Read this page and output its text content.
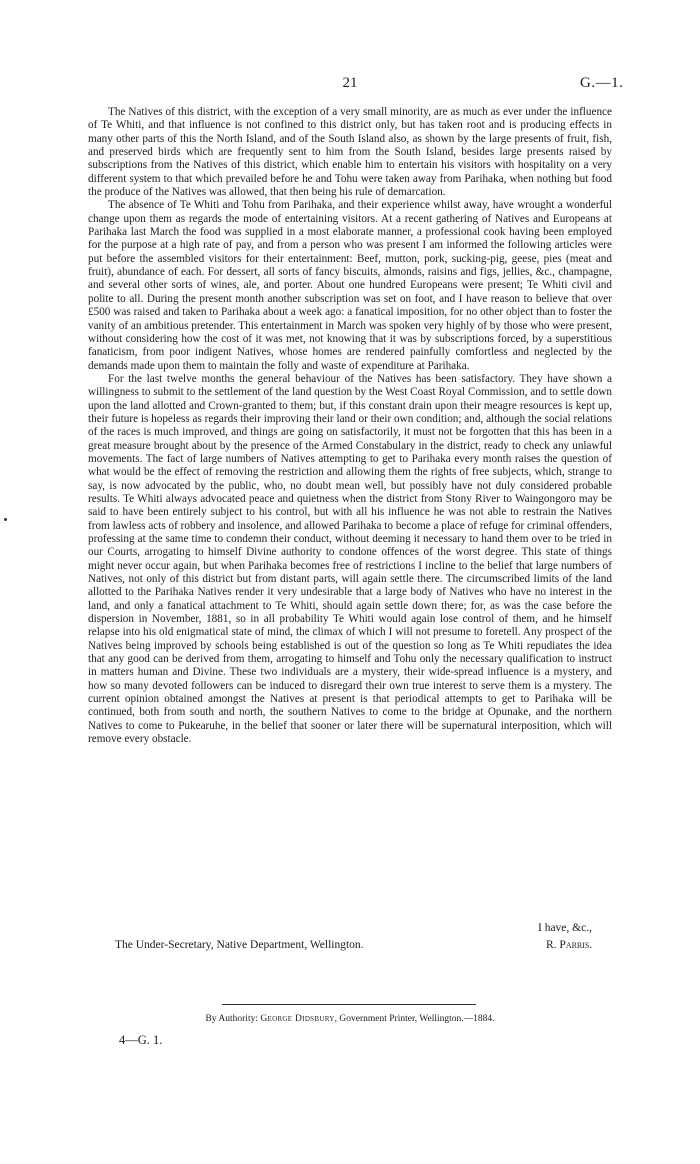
21	G.—1.

The Natives of this district, with the exception of a very small minority, are as much as ever under the influence of Te Whiti, and that influence is not confined to this district only, but has taken root and is producing effects in many other parts of this the North Island, and of the South Island also, as shown by the large presents of fruit, fish, and preserved birds which are frequently sent to him from the South Island, besides large presents raised by subscriptions from the Natives of this district, which enable him to entertain his visitors with hospitality on a very different system to that which prevailed before he and Tohu were taken away from Parihaka, when nothing but food the produce of the Natives was allowed, that then being his rule of demarcation.

The absence of Te Whiti and Tohu from Parihaka, and their experience whilst away, have wrought a wonderful change upon them as regards the mode of entertaining visitors. At a recent gathering of Natives and Europeans at Parihaka last March the food was supplied in a most elaborate manner, a professional cook having been employed for the purpose at a high rate of pay, and from a person who was present I am informed the following articles were put before the assembled visitors for their entertainment: Beef, mutton, pork, sucking-pig, geese, pies (meat and fruit), abundance of each. For dessert, all sorts of fancy biscuits, almonds, raisins and figs, jellies, &c., champagne, and several other sorts of wines, ale, and porter. About one hundred Europeans were present; Te Whiti civil and polite to all. During the present month another subscription was set on foot, and I have reason to believe that over £500 was raised and taken to Parihaka about a week ago: a fanatical imposition, for no other object than to foster the vanity of an ambitious pretender. This entertainment in March was spoken very highly of by those who were present, without considering how the cost of it was met, not knowing that it was by subscriptions forced, by a superstitious fanaticism, from poor indigent Natives, whose homes are rendered painfully comfortless and neglected by the demands made upon them to maintain the folly and waste of expenditure at Parihaka.

For the last twelve months the general behaviour of the Natives has been satisfactory. They have shown a willingness to submit to the settlement of the land question by the West Coast Royal Commission, and to settle down upon the land allotted and Crown-granted to them; but, if this constant drain upon their meagre resources is kept up, their future is hopeless as regards their improving their land or their own condition; and, although the social relations of the races is much improved, and things are going on satisfactorily, it must not be forgotten that this has been in a great measure brought about by the presence of the Armed Constabulary in the district, ready to check any unlawful movements. The fact of large numbers of Natives attempting to get to Parihaka every month raises the question of what would be the effect of removing the restriction and allowing them the rights of free subjects, which, strange to say, is now advocated by the public, who, no doubt mean well, but possibly have not duly considered probable results. Te Whiti always advocated peace and quietness when the district from Stony River to Waingongoro may be said to have been entirely subject to his control, but with all his influence he was not able to restrain the Natives from lawless acts of robbery and insolence, and allowed Parihaka to become a place of refuge for criminal offenders, professing at the same time to condemn their conduct, without deeming it necessary to hand them over to be tried in our Courts, arrogating to himself Divine authority to condone offences of the worst degree. This state of things might never occur again, but when Parihaka becomes free of restrictions I incline to the belief that large numbers of Natives, not only of this district but from distant parts, will again settle there. The circumscribed limits of the land allotted to the Parihaka Natives render it very undesirable that a large body of Natives who have no interest in the land, and only a fanatical attachment to Te Whiti, should again settle down there; for, as was the case before the dispersion in November, 1881, so in all probability Te Whiti would again lose control of them, and he himself relapse into his old enigmatical state of mind, the climax of which I will not presume to foretell. Any prospect of the Natives being improved by schools being established is out of the question so long as Te Whiti repudiates the idea that any good can be derived from them, arrogating to himself and Tohu only the necessary qualification to instruct in matters human and Divine. These two individuals are a mystery, their wide-spread influence is a mystery, and how so many devoted followers can be induced to disregard their own true interest to serve them is a mystery. The current opinion obtained amongst the Natives at present is that periodical attempts to get to Parihaka will be continued, both from south and north, the southern Natives to come to the bridge at Opunake, and the northern Natives to come to Pukearuhe, in the belief that sooner or later there will be supernatural interposition, which will remove every obstacle.

I have, &c.,
The Under-Secretary, Native Department, Wellington.	R. Parris.
By Authority: George Didsbury, Government Printer, Wellington.—1884.
4—G. 1.
